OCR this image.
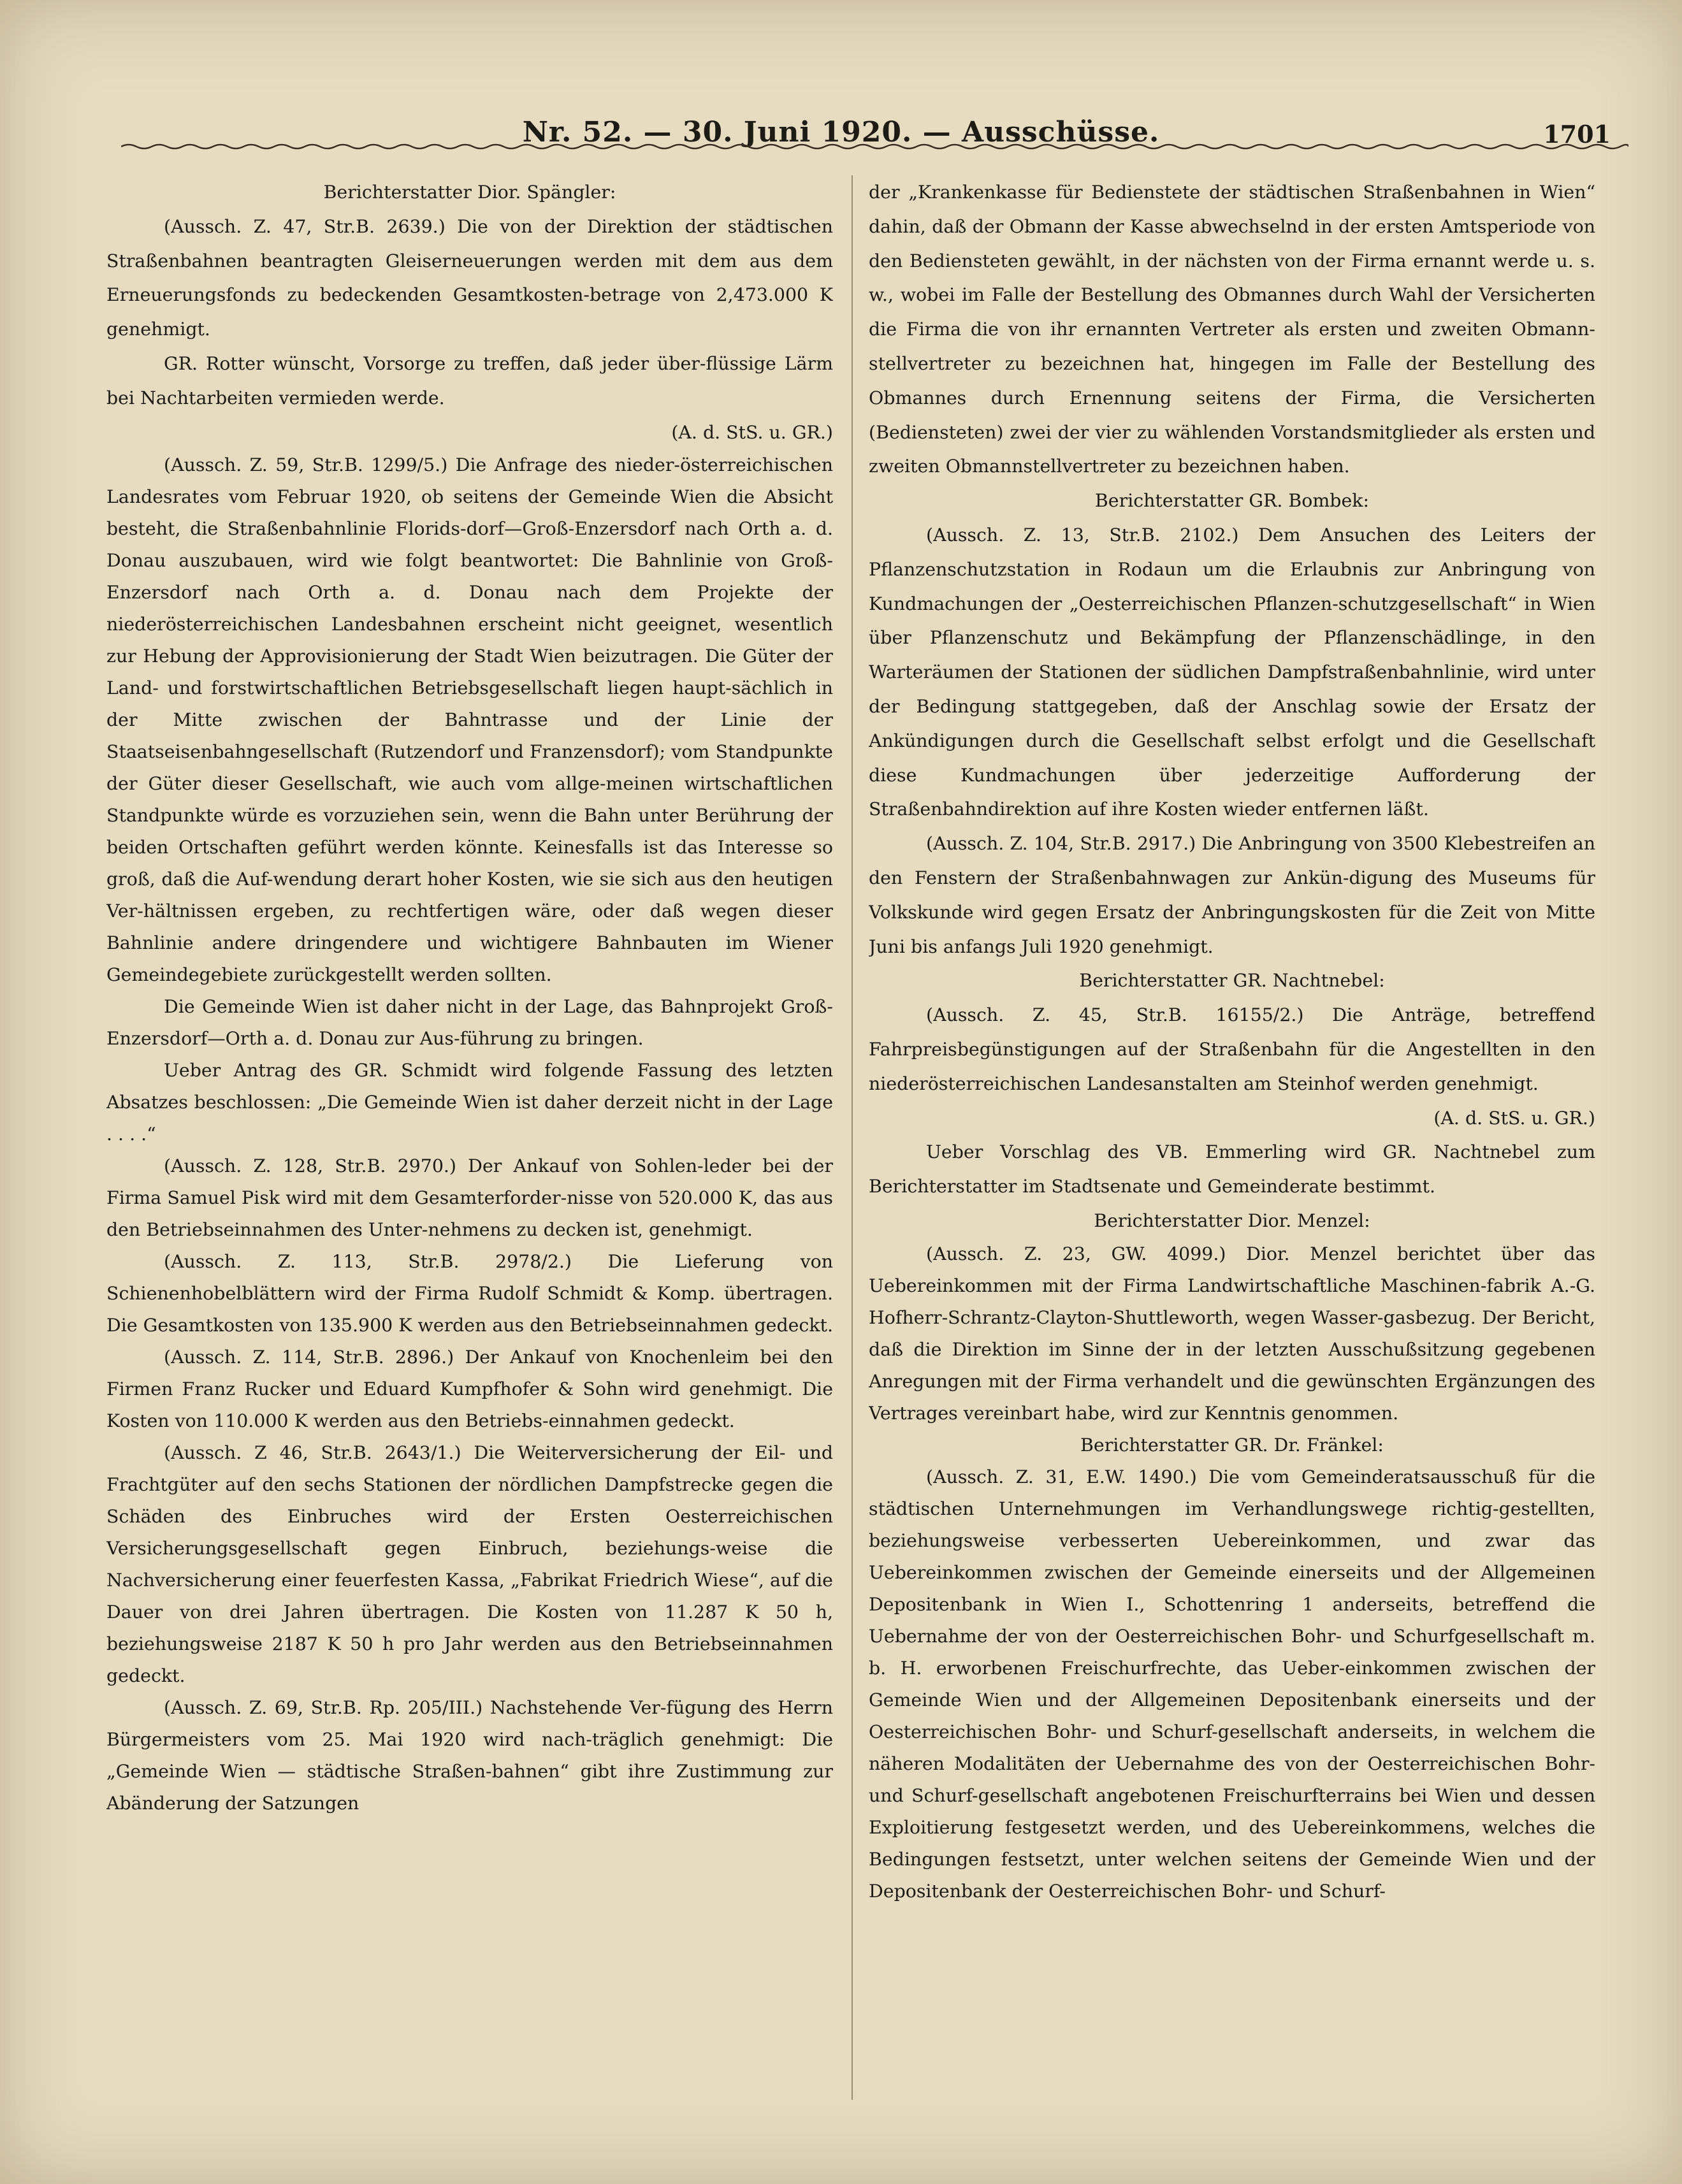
Nr. 52. — 30. Juni 1920. — Ausschüsse.	1701

Berichterstatter Dior. Spängler:

(Aussch. Z. 47, Str.B. 2639.) Die von der Direktion der städtischen Straßenbahnen beantragten Gleiserneuerungen werden mit dem aus dem Erneuerungsfonds zu bedeckenden Gesamtkosten-betrage von 2,473.000 K genehmigt.

GR. Rotter wünscht, Vorsorge zu treffen, daß jeder über-flüssige Lärm bei Nachtarbeiten vermieden werde.

(A. d. StS. u. GR.)

(Aussch. Z. 59, Str.B. 1299/5.) Die Anfrage des nieder-österreichischen Landesrates vom Februar 1920, ob seitens der Gemeinde Wien die Absicht besteht, die Straßenbahnlinie Florids-dorf—Groß-Enzersdorf nach Orth a. d. Donau auszubauen, wird wie folgt beantwortet: Die Bahnlinie von Groß-Enzersdorf nach Orth a. d. Donau nach dem Projekte der niederösterreichischen Landesbahnen erscheint nicht geeignet, wesentlich zur Hebung der Approvisionierung der Stadt Wien beizutragen. Die Güter der Land- und forstwirtschaftlichen Betriebsgesellschaft liegen haupt-sächlich in der Mitte zwischen der Bahntrasse und der Linie der Staatseisenbahngesellschaft (Rutzendorf und Franzensdorf); vom Standpunkte der Güter dieser Gesellschaft, wie auch vom allge-meinen wirtschaftlichen Standpunkte würde es vorzuziehen sein, wenn die Bahn unter Berührung der beiden Ortschaften geführt werden könnte. Keinesfalls ist das Interesse so groß, daß die Auf-wendung derart hoher Kosten, wie sie sich aus den heutigen Ver-hältnissen ergeben, zu rechtfertigen wäre, oder daß wegen dieser Bahnlinie andere dringendere und wichtigere Bahnbauten im Wiener Gemeindegebiete zurückgestellt werden sollten.

Die Gemeinde Wien ist daher nicht in der Lage, das Bahnprojekt Groß-Enzersdorf—Orth a. d. Donau zur Aus-führung zu bringen.

Ueber Antrag des GR. Schmidt wird folgende Fassung des letzten Absatzes beschlossen: „Die Gemeinde Wien ist daher derzeit nicht in der Lage . . . .“

(Aussch. Z. 128, Str.B. 2970.) Der Ankauf von Sohlen-leder bei der Firma Samuel Pisk wird mit dem Gesamterforder-nisse von 520.000 K, das aus den Betriebseinnahmen des Unter-nehmens zu decken ist, genehmigt.

(Aussch. Z. 113, Str.B. 2978/2.) Die Lieferung von Schienenhobelblättern wird der Firma Rudolf Schmidt & Komp. übertragen. Die Gesamtkosten von 135.900 K werden aus den Betriebseinnahmen gedeckt.

(Aussch. Z. 114, Str.B. 2896.) Der Ankauf von Knochenleim bei den Firmen Franz Rucker und Eduard Kumpfhofer & Sohn wird genehmigt. Die Kosten von 110.000 K werden aus den Betriebs-einnahmen gedeckt.

(Aussch. Z 46, Str.B. 2643/1.) Die Weiterversicherung der Eil- und Frachtgüter auf den sechs Stationen der nördlichen Dampfstrecke gegen die Schäden des Einbruches wird der Ersten Oesterreichischen Versicherungsgesellschaft gegen Einbruch, beziehungs-weise die Nachversicherung einer feuerfesten Kassa, „Fabrikat Friedrich Wiese“, auf die Dauer von drei Jahren übertragen. Die Kosten von 11.287 K 50 h, beziehungsweise 2187 K 50 h pro Jahr werden aus den Betriebseinnahmen gedeckt.

(Aussch. Z. 69, Str.B. Rp. 205/III.) Nachstehende Ver-fügung des Herrn Bürgermeisters vom 25. Mai 1920 wird nach-träglich genehmigt: Die „Gemeinde Wien — städtische Straßen-bahnen“ gibt ihre Zustimmung zur Abänderung der Satzungen

der „Krankenkasse für Bedienstete der städtischen Straßenbahnen in Wien“ dahin, daß der Obmann der Kasse abwechselnd in der ersten Amtsperiode von den Bediensteten gewählt, in der nächsten von der Firma ernannt werde u. s. w., wobei im Falle der Bestellung des Obmannes durch Wahl der Versicherten die Firma die von ihr ernannten Vertreter als ersten und zweiten Obmann-stellvertreter zu bezeichnen hat, hingegen im Falle der Bestellung des Obmannes durch Ernennung seitens der Firma, die Versicherten (Bediensteten) zwei der vier zu wählenden Vorstandsmitglieder als ersten und zweiten Obmannstellvertreter zu bezeichnen haben.

Berichterstatter GR. Bombek:

(Aussch. Z. 13, Str.B. 2102.) Dem Ansuchen des Leiters der Pflanzenschutzstation in Rodaun um die Erlaubnis zur Anbringung von Kundmachungen der „Oesterreichischen Pflanzen-schutzgesellschaft“ in Wien über Pflanzenschutz und Bekämpfung der Pflanzenschädlinge, in den Warteräumen der Stationen der südlichen Dampfstraßenbahnlinie, wird unter der Bedingung stattgegeben, daß der Anschlag sowie der Ersatz der Ankündigungen durch die Gesellschaft selbst erfolgt und die Gesellschaft diese Kundmachungen über jederzeitige Aufforderung der Straßenbahndirektion auf ihre Kosten wieder entfernen läßt.

(Aussch. Z. 104, Str.B. 2917.) Die Anbringung von 3500 Klebestreifen an den Fenstern der Straßenbahnwagen zur Ankün-digung des Museums für Volkskunde wird gegen Ersatz der Anbringungskosten für die Zeit von Mitte Juni bis anfangs Juli 1920 genehmigt.

Berichterstatter GR. Nachtnebel:

(Aussch. Z. 45, Str.B. 16155/2.) Die Anträge, betreffend Fahrpreisbegünstigungen auf der Straßenbahn für die Angestellten in den niederösterreichischen Landesanstalten am Steinhof werden genehmigt.

(A. d. StS. u. GR.)

Ueber Vorschlag des VB. Emmerling wird GR. Nachtnebel zum Berichterstatter im Stadtsenate und Gemeinderate bestimmt.

Berichterstatter Dior. Menzel:

(Aussch. Z. 23, GW. 4099.) Dior. Menzel berichtet über das Uebereinkommen mit der Firma Landwirtschaftliche Maschinen-fabrik A.-G. Hofherr-Schrantz-Clayton-Shuttleworth, wegen Wasser-gasbezug. Der Bericht, daß die Direktion im Sinne der in der letzten Ausschußsitzung gegebenen Anregungen mit der Firma verhandelt und die gewünschten Ergänzungen des Vertrages vereinbart habe, wird zur Kenntnis genommen.

Berichterstatter GR. Dr. Fränkel:

(Aussch. Z. 31, E.W. 1490.) Die vom Gemeinderatsausschuß für die städtischen Unternehmungen im Verhandlungswege richtig-gestellten, beziehungsweise verbesserten Uebereinkommen, und zwar das Uebereinkommen zwischen der Gemeinde einerseits und der Allgemeinen Depositenbank in Wien I., Schottenring 1 anderseits, betreffend die Uebernahme der von der Oesterreichischen Bohr- und Schurfgesellschaft m. b. H. erworbenen Freischurfrechte, das Ueber-einkommen zwischen der Gemeinde Wien und der Allgemeinen Depositenbank einerseits und der Oesterreichischen Bohr- und Schurf-gesellschaft anderseits, in welchem die näheren Modalitäten der Uebernahme des von der Oesterreichischen Bohr- und Schurf-gesellschaft angebotenen Freischurfterrains bei Wien und dessen Exploitierung festgesetzt werden, und des Uebereinkommens, welches die Bedingungen festsetzt, unter welchen seitens der Gemeinde Wien und der Depositenbank der Oesterreichischen Bohr- und Schurf-
